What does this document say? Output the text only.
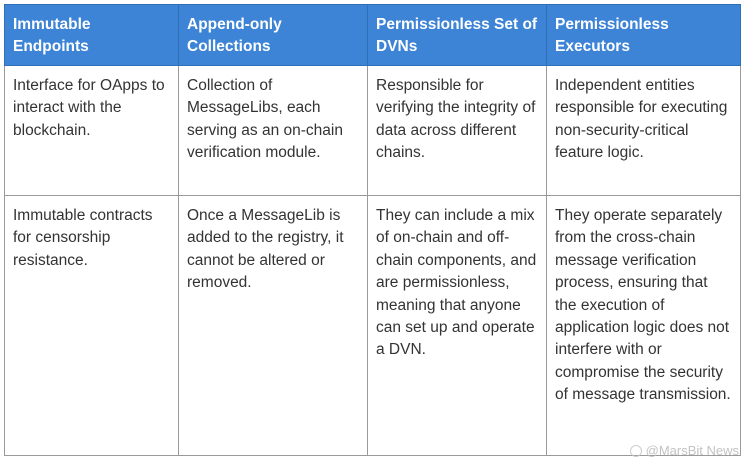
Immutable Endpoints	Append-only Collections	Permissionless Set of DVNs	Permissionless Executors
Interface for OApps to interact with the blockchain.	Collection of MessageLibs, each serving as an on-chain verification module.	Responsible for verifying the integrity of data across different chains.	Independent entities responsible for executing non-security-critical feature logic.
Immutable contracts for censorship resistance.	Once a MessageLib is added to the registry, it cannot be altered or removed.	They can include a mix of on-chain and off-chain components, and are permissionless, meaning that anyone can set up and operate a DVN.	They operate separately from the cross-chain message verification process, ensuring that the execution of application logic does not interfere with or compromise the security of message transmission.
@MarsBit News
